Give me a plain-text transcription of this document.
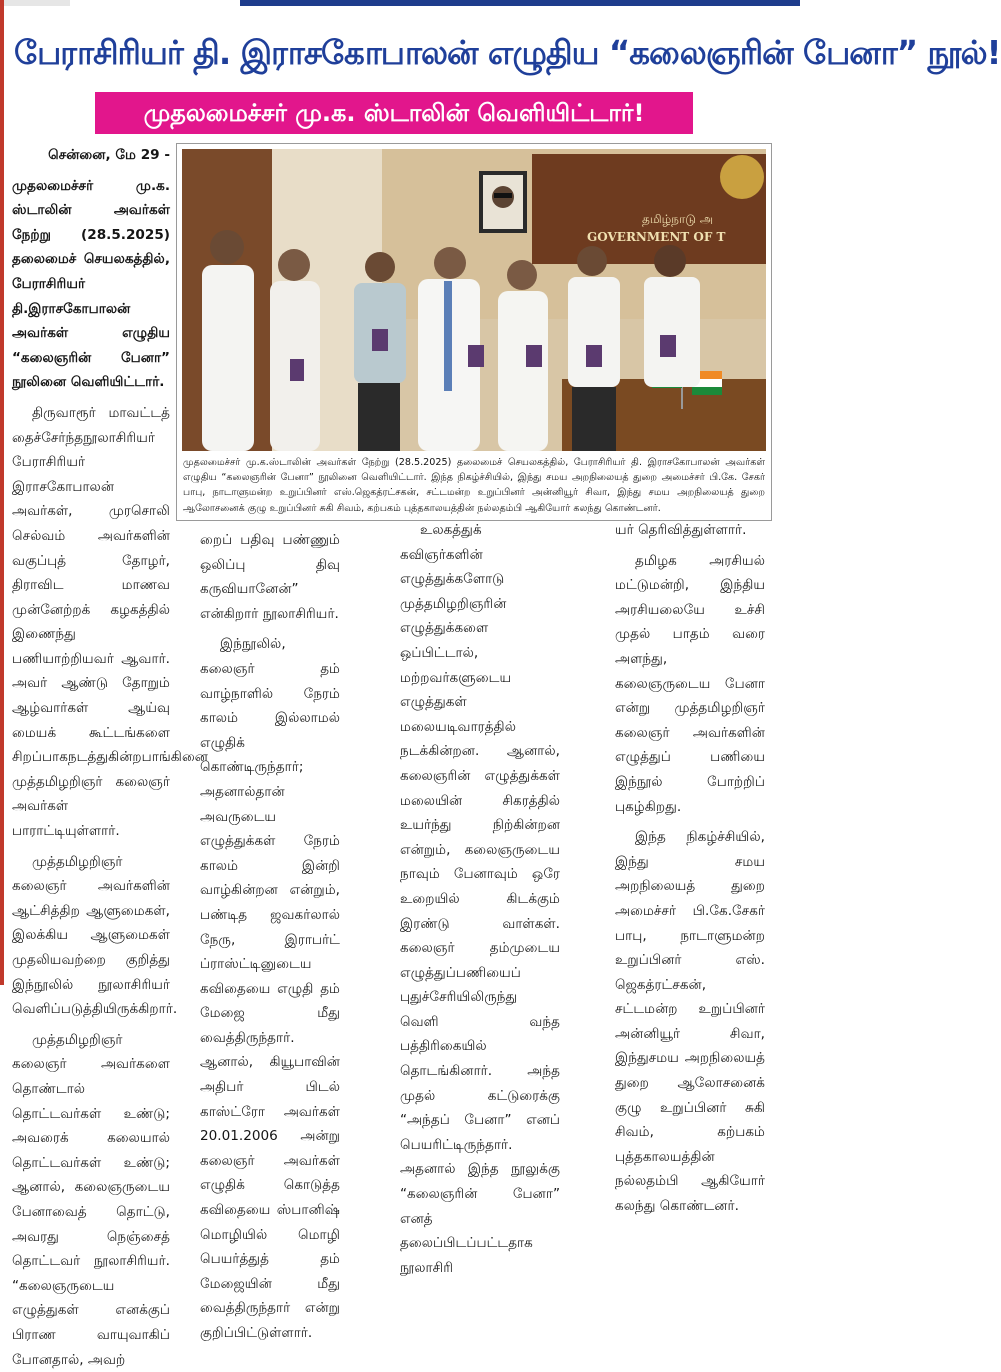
பேராசிரியர் தி. இராசகோபாலன் எழுதிய “கலைஞரின் பேனா” நூல்!
முதலமைச்சர் மு.க. ஸ்டாலின் வெளியிட்டார்!
தமிழ்நாடு அ
GOVERNMENT OF T
முதலமைச்சர் மு.க.ஸ்டாலின் அவர்கள் நேற்று (28.5.2025) தலைமைச் செயலகத்தில், பேராசிரியர் தி. இராசகோபாலன் அவர்கள் எழுதிய “கலைஞரின் பேனா” நூலினை வெளியிட்டார். இந்த நிகழ்ச்சியில், இந்து சமய அறநிலையத் துறை அமைச்சர் பி.கே. சேகர் பாபு, நாடாளுமன்ற உறுப்பினர் எஸ்.ஜெகத்ரட்சகன், சட்டமன்ற உறுப்பினர் அன்னியூர் சிவா, இந்து சமய அறநிலையத் துறை ஆலோசனைக் குழு உறுப்பினர் சுகி சிவம், கற்பகம் புத்தகாலயத்தின் நல்லதம்பி ஆகியோர் கலந்து கொண்டனர்.

சென்னை, மே 29 -

முதலமைச்சர் மு.க. ஸ்டாலின் அவர்கள் நேற்று (28.5.2025) தலைமைச் செயலகத்தில், பேராசிரியர் தி.இராசகோபாலன் அவர்கள் எழுதிய “கலைஞரின் பேனா” நூலினை வெளியிட்டார்.

திருவாரூர் மாவட்டத் தைச்சேர்ந்தநூலாசிரியர் பேராசிரியர் இராசகோபாலன் அவர்கள், முரசொலி செல்வம் அவர்களின் வகுப்புத் தோழர், திராவிட மாணவ முன்னேற்றக் கழகத்தில் இணைந்து பணியாற்றியவர் ஆவார். அவர் ஆண்டு தோறும் ஆழ்வார்கள் ஆய்வு மையக் கூட்டங்களை சிறப்பாகநடத்துகின்றபாங்கினை முத்தமிழறிஞர் கலைஞர் அவர்கள் பாராட்டியுள்ளார்.

முத்தமிழறிஞர் கலைஞர் அவர்களின் ஆட்சித்திற ஆளுமைகள், இலக்கிய ஆளுமைகள் முதலியவற்றை குறித்து இந்நூலில் நூலாசிரியர் வெளிப்படுத்தியிருக்கிறார்.

முத்தமிழறிஞர் கலைஞர் அவர்களை தொண்டால் தொட்டவர்கள் உண்டு; அவரைக் கலையால் தொட்டவர்கள் உண்டு; ஆனால், கலைஞருடைய பேனாவைத் தொட்டு, அவரது நெஞ்சைத் தொட்டவர் நூலாசிரியர். “கலைஞருடைய எழுத்துகள் எனக்குப் பிராண வாயுவாகிப் போனதால், அவற்

றைப் பதிவு பண்ணும் ஒலிப்பு திவு கருவியானேன்” என்கிறார் நூலாசிரியர்.

இந்நூலில், கலைஞர் தம் வாழ்நாளில் நேரம் காலம் இல்லாமல் எழுதிக் கொண்டிருந்தார்; அதனால்தான் அவருடைய எழுத்துக்கள் நேரம் காலம் இன்றி வாழ்கின்றன என்றும், பண்டித ஜவகர்லால் நேரு, இராபர்ட் ப்ராஸ்ட்டினுடைய கவிதையை எழுதி தம் மேஜை மீது வைத்திருந்தார். ஆனால், கியூபாவின் அதிபர் பிடல் காஸ்ட்ரோ அவர்கள் 20.01.2006 அன்று கலைஞர் அவர்கள் எழுதிக் கொடுத்த கவிதையை ஸ்பானிஷ் மொழியில் மொழி பெயர்த்துத் தம் மேஜையின் மீது வைத்திருந்தார் என்று குறிப்பிட்டுள்ளார்.

உலகத்துக் கவிஞர்களின் எழுத்துக்களோடு முத்தமிழறிஞரின் எழுத்துக்களை ஒப்பிட்டால், மற்றவர்களுடைய எழுத்துகள் மலையடிவாரத்தில் நடக்கின்றன. ஆனால், கலைஞரின் எழுத்துக்கள் மலையின் சிகரத்தில் உயர்ந்து நிற்கின்றன என்றும், கலைஞருடைய நாவும் பேனாவும் ஒரே உறையில் கிடக்கும் இரண்டு வாள்கள். கலைஞர் தம்முடைய எழுத்துப்பணியைப் புதுச்சேரியிலிருந்து வெளி வந்த பத்திரிகையில் தொடங்கினார். அந்த முதல் கட்டுரைக்கு “அந்தப் பேனா” எனப் பெயரிட்டிருந்தார். அதனால் இந்த நூலுக்கு “கலைஞரின் பேனா” எனத் தலைப்பிடப்பட்டதாக நூலாசிரி

யர் தெரிவித்துள்ளார்.

தமிழக அரசியல் மட்டுமன்றி, இந்திய அரசியலையே உச்சி முதல் பாதம் வரை அளந்து, கலைஞருடைய பேனா என்று முத்தமிழறிஞர் கலைஞர் அவர்களின் எழுத்துப் பணியை இந்நூல் போற்றிப் புகழ்கிறது.

இந்த நிகழ்ச்சியில், இந்து சமய அறநிலையத் துறை அமைச்சர் பி.கே.சேகர் பாபு, நாடாளுமன்ற உறுப்பினர் எஸ். ஜெகத்ரட்சகன், சட்டமன்ற உறுப்பினர் அன்னியூர் சிவா, இந்துசமய அறநிலையத் துறை ஆலோசனைக் குழு உறுப்பினர் சுகி சிவம், கற்பகம் புத்தகாலயத்தின் நல்லதம்பி ஆகியோர் கலந்து கொண்டனர்.
